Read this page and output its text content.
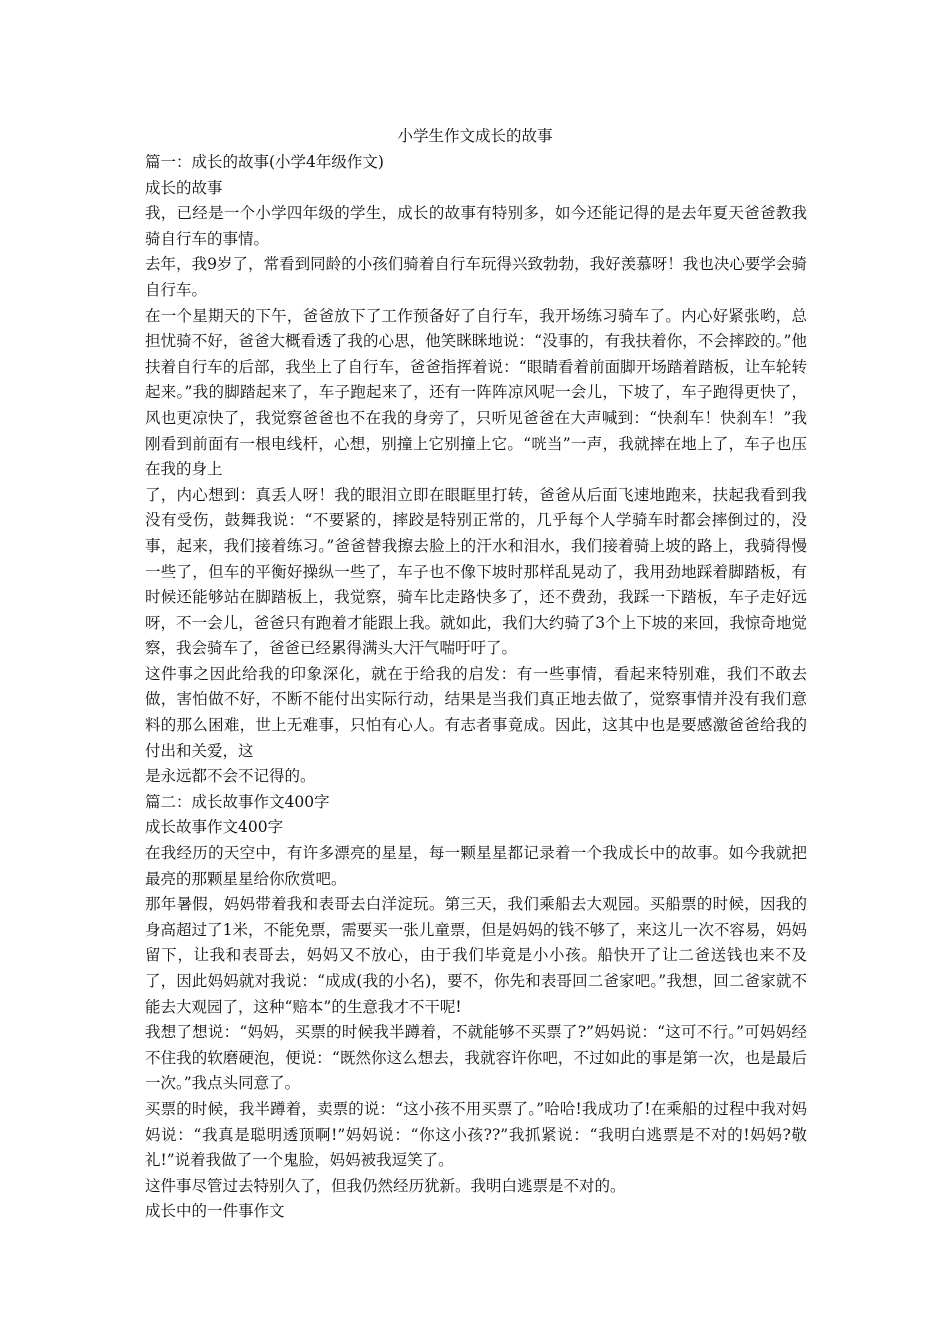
小学生作文成长的故事

篇一：成长的故事(小学4年级作文)

成长的故事

我，已经是一个小学四年级的学生，成长的故事有特别多，如今还能记得的是去年夏天爸爸教我骑自行车的事情。

去年，我9岁了，常看到同龄的小孩们骑着自行车玩得兴致勃勃，我好羡慕呀！我也决心要学会骑自行车。

在一个星期天的下午，爸爸放下了工作预备好了自行车，我开场练习骑车了。内心好紧张哟，总担忧骑不好，爸爸大概看透了我的心思，他笑眯眯地说：“没事的，有我扶着你，不会摔跤的。”他扶着自行车的后部，我坐上了自行车，爸爸指挥着说：“眼睛看着前面脚开场踏着踏板，让车轮转起来。”我的脚踏起来了，车子跑起来了，还有一阵阵凉风呢一会儿，下坡了，车子跑得更快了，风也更凉快了，我觉察爸爸也不在我的身旁了，只听见爸爸在大声喊到：“快刹车！快刹车！”我刚看到前面有一根电线杆，心想，别撞上它别撞上它。“咣当”一声，我就摔在地上了，车子也压在我的身上

了，内心想到：真丢人呀！我的眼泪立即在眼眶里打转，爸爸从后面飞速地跑来，扶起我看到我没有受伤，鼓舞我说：“不要紧的，摔跤是特别正常的，几乎每个人学骑车时都会摔倒过的，没事，起来，我们接着练习。”爸爸替我擦去脸上的汗水和泪水，我们接着骑上坡的路上，我骑得慢一些了，但车的平衡好操纵一些了，车子也不像下坡时那样乱晃动了，我用劲地踩着脚踏板，有时候还能够站在脚踏板上，我觉察，骑车比走路快多了，还不费劲，我踩一下踏板，车子走好远呀，不一会儿，爸爸只有跑着才能跟上我。就如此，我们大约骑了3个上下坡的来回，我惊奇地觉察，我会骑车了，爸爸已经累得满头大汗气喘吁吁了。

这件事之因此给我的印象深化，就在于给我的启发：有一些事情，看起来特别难，我们不敢去做，害怕做不好，不断不能付出实际行动，结果是当我们真正地去做了，觉察事情并没有我们意料的那么困难，世上无难事，只怕有心人。有志者事竟成。因此，这其中也是要感激爸爸给我的付出和关爱，这

是永远都不会不记得的。

篇二：成长故事作文400字

成长故事作文400字

在我经历的天空中，有许多漂亮的星星，每一颗星星都记录着一个我成长中的故事。如今我就把最亮的那颗星星给你欣赏吧。

那年暑假，妈妈带着我和表哥去白洋淀玩。第三天，我们乘船去大观园。买船票的时候，因我的身高超过了1米，不能免票，需要买一张儿童票，但是妈妈的钱不够了，来这儿一次不容易，妈妈留下，让我和表哥去，妈妈又不放心，由于我们毕竟是小小孩。船快开了让二爸送钱也来不及了，因此妈妈就对我说：“成成(我的小名)，要不，你先和表哥回二爸家吧。”我想，回二爸家就不能去大观园了，这种“赔本”的生意我才不干呢!

我想了想说：“妈妈，买票的时候我半蹲着，不就能够不买票了?”妈妈说：“这可不行。”可妈妈经不住我的软磨硬泡，便说：“既然你这么想去，我就容许你吧，不过如此的事是第一次，也是最后一次。”我点头同意了。

买票的时候，我半蹲着，卖票的说：“这小孩不用买票了。”哈哈!我成功了!在乘船的过程中我对妈妈说：“我真是聪明透顶啊!”妈妈说：“你这小孩??”我抓紧说：“我明白逃票是不对的!妈妈?敬礼!”说着我做了一个鬼脸，妈妈被我逗笑了。

这件事尽管过去特别久了，但我仍然经历犹新。我明白逃票是不对的。

成长中的一件事作文
